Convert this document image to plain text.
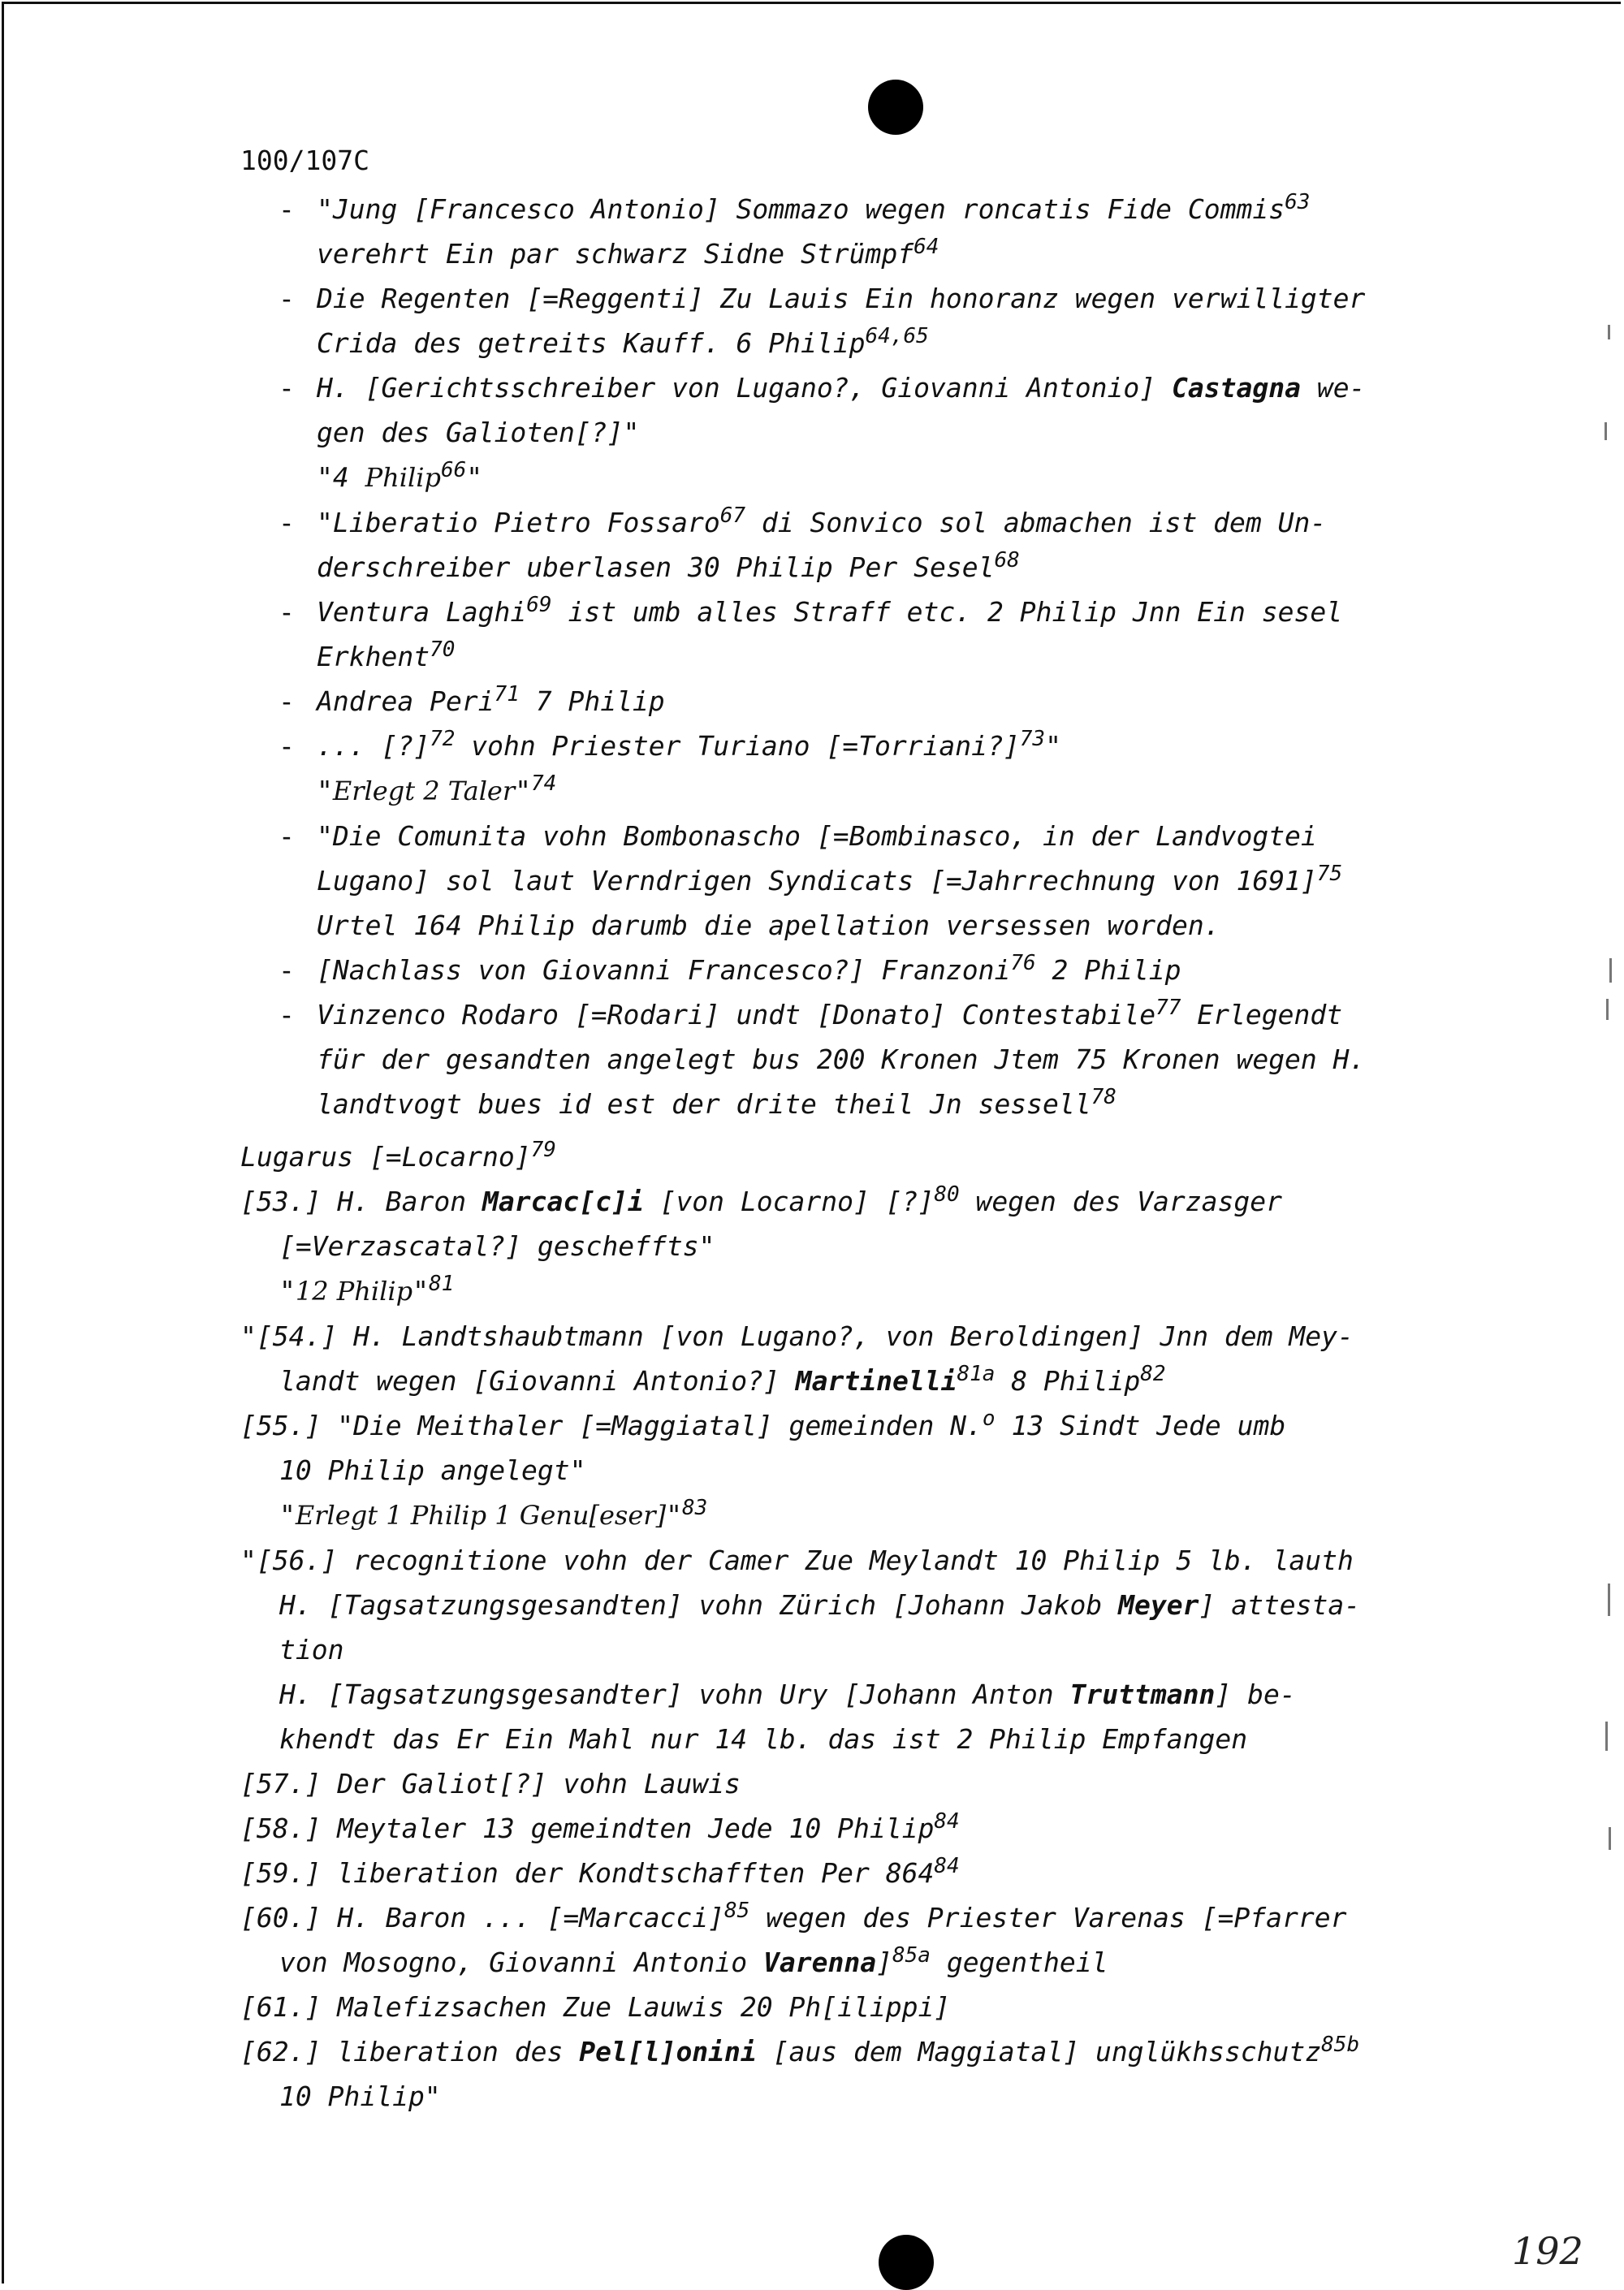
100/107C
- "Jung [Francesco Antonio] Sommazo wegen roncatis Fide Commis$^{63}$
verehrt Ein par schwarz Sidne Strümpf$^{64}$
- Die Regenten [=Reggenti] Zu Lauis Ein honoranz wegen verwilligter
Crida des getreits Kauff. 6 Philip$^{64,65}$
- H. [Gerichtsschreiber von Lugano?, Giovanni Antonio] Castagna we-
gen des Galioten[?]"
"4 Philip$^{66}$"
- "Liberatio Pietro Fossaro$^{67}$ di Sonvico sol abmachen ist dem Un-
derschreiber uberlasen 30 Philip Per Sesel$^{68}$
- Ventura Laghi$^{69}$ ist umb alles Straff etc. 2 Philip Jnn Ein sesel
Erkhent$^{70}$
- Andrea Peri$^{71}$ 7 Philip
- ... [?]$^{72}$ vohn Priester Turiano [=Torriani?]$^{73}$"
"Erlegt 2 Taler"$^{74}$
- "Die Comunita vohn Bombonascho [=Bombinasco, in der Landvogtei
Lugano] sol laut Verndrigen Syndicats [=Jahrrechnung von 1691]$^{75}$
Urtel 164 Philip darumb die apellation versessen worden.
- [Nachlass von Giovanni Francesco?] Franzoni$^{76}$ 2 Philip
- Vinzenco Rodaro [=Rodari] undt [Donato] Contestabile$^{77}$ Erlegendt
für der gesandten angelegt bus 200 Kronen Jtem 75 Kronen wegen H.
landtvogt bues id est der drite theil Jn sessell$^{78}$
Lugarus [=Locarno]$^{79}$
[53.] H. Baron Marcac[c]i [von Locarno] [?]$^{80}$ wegen des Varzasger
[=Verzascatal?] gescheffts"
"12 Philip"$^{81}$
"[54.] H. Landtshaubtmann [von Lugano?, von Beroldingen] Jnn dem Mey-
landt wegen [Giovanni Antonio?] Martinelli$^{81a}$ 8 Philip$^{82}$
[55.] "Die Meithaler [=Maggiatal] gemeinden N.$^o$ 13 Sindt Jede umb
10 Philip angelegt"
"Erlegt 1 Philip 1 Genu[eser]"$^{83}$
"[56.] recognitione vohn der Camer Zue Meylandt 10 Philip 5 lb. lauth
H. [Tagsatzungsgesandten] vohn Zürich [Johann Jakob Meyer] attesta-
tion
H. [Tagsatzungsgesandter] vohn Ury [Johann Anton Truttmann] be-
khendt das Er Ein Mahl nur 14 lb. das ist 2 Philip Empfangen
[57.] Der Galiot[?] vohn Lauwis
[58.] Meytaler 13 gemeindten Jede 10 Philip$^{84}$
[59.] liberation der Kondtschafften Per $864^{84}$
[60.] H. Baron ... [=Marcacci]$^{85}$ wegen des Priester Varenas [=Pfarrer
von Mosogno, Giovanni Antonio Varenna]$^{85a}$ gegentheil
[61.] Malefizsachen Zue Lauwis 20 Ph[ilippi]
[62.] liberation des Pel[l]onini [aus dem Maggiatal] unglükhsschutz$^{85b}$
10 Philip"
192
